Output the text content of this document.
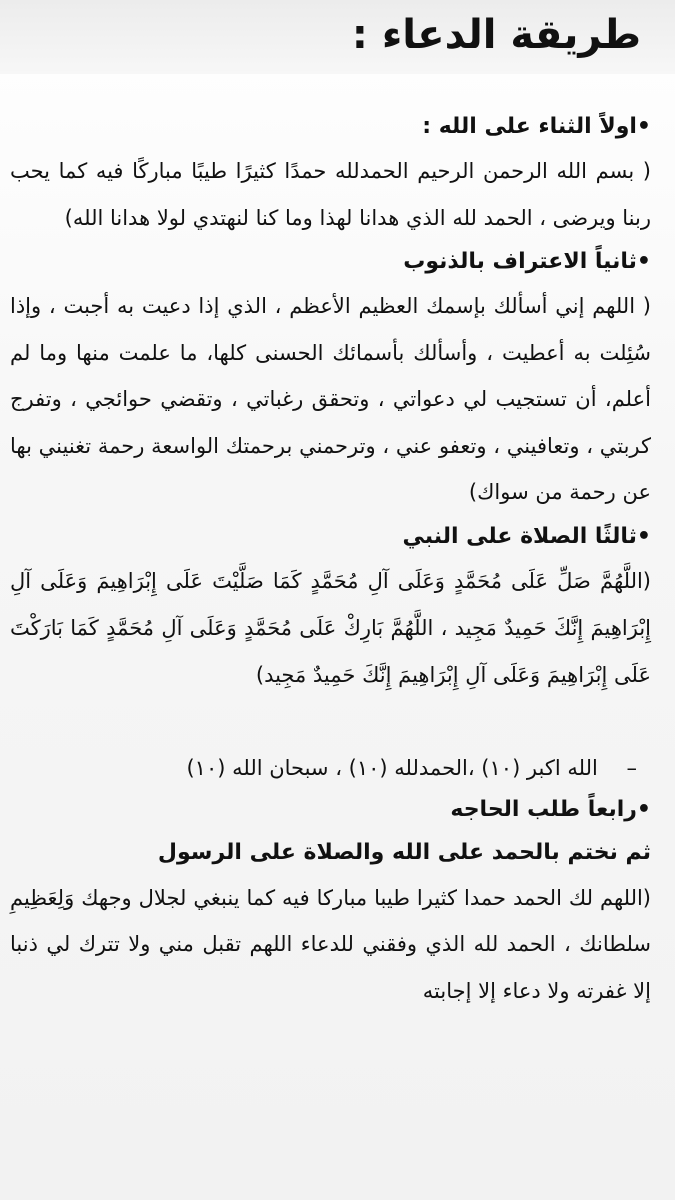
طريقة الدعاء :
•اولاً الثناء على الله :

( بسم الله الرحمن الرحيم الحمدلله حمدًا كثيرًا طيبًا مباركًا فيه كما يحب ربنا ويرضى ، الحمد لله الذي هدانا لهذا وما كنا لنهتدي لولا هدانا الله)

•ثانياً الاعتراف بالذنوب

( اللهم إني أسألك بإسمك العظيم الأعظم ، الذي إذا دعيت به أجبت ، وإذا سُئِلت به أعطيت ، وأسألك بأسمائك الحسنى كلها، ما علمت منها وما لم أعلم، أن تستجيب لي دعواتي ، وتحقق رغباتي ، وتقضي حوائجي ، وتفرج كربتي ، وتعافيني ، وتعفو عني ، وترحمني برحمتك الواسعة رحمة تغنيني بها عن رحمة من سواك)

•ثالثًا الصلاة على النبي

(اللَّهُمَّ صَلِّ عَلَى مُحَمَّدٍ وَعَلَى آلِ مُحَمَّدٍ كَمَا صَلَّيْتَ عَلَى إِبْرَاهِيمَ وَعَلَى آلِ إِبْرَاهِيمَ إِنَّكَ حَمِيدٌ مَجِيد ، اللَّهُمَّ بَارِكْ عَلَى مُحَمَّدٍ وَعَلَى آلِ مُحَمَّدٍ كَمَا بَارَكْتَ عَلَى إِبْرَاهِيمَ وَعَلَى آلِ إِبْرَاهِيمَ إِنَّكَ حَمِيدٌ مَجِيد)

– الله اكبر (١٠) ،الحمدلله (١٠) ، سبحان الله (١٠)

•رابعاً طلب الحاجه
ثم نختم بالحمد على الله والصلاة على الرسول

(اللهم لك الحمد حمدا كثيرا طيبا مباركا فيه كما ينبغي لجلال وجهك وَلِعَظِيمِ سلطانك ، الحمد لله الذي وفقني للدعاء اللهم تقبل مني ولا تترك لي ذنبا إلا غفرته ولا دعاء إلا إجابته
